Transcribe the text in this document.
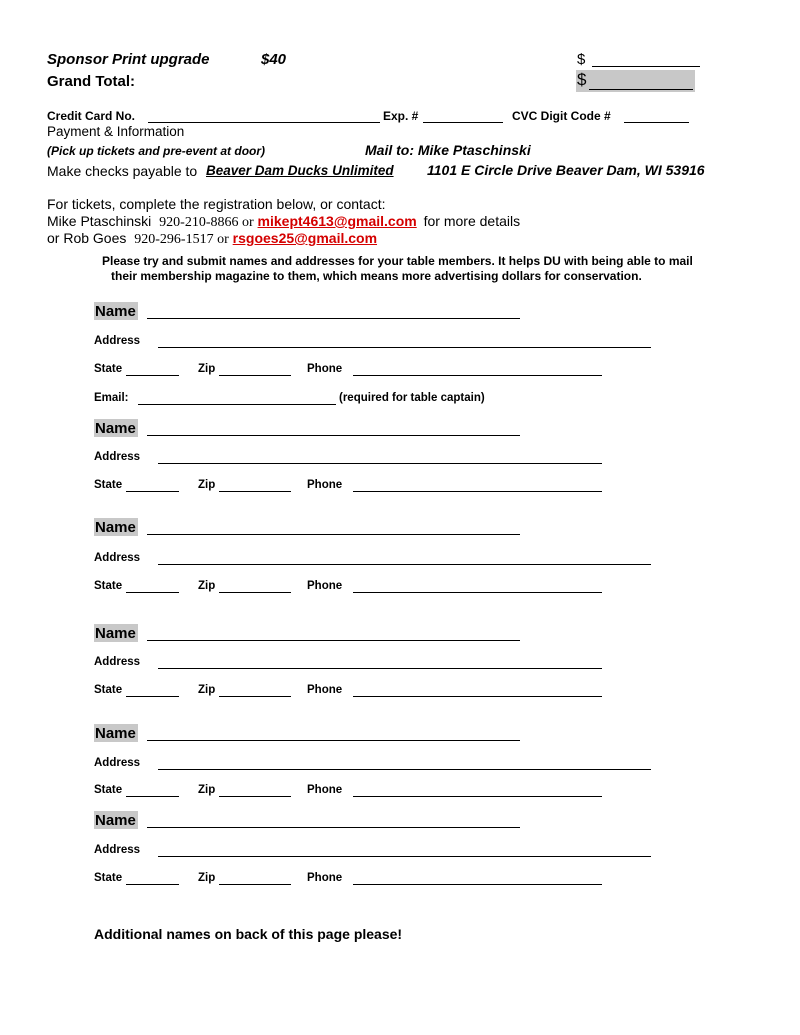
Sponsor Print upgrade	$40	$
Grand Total:	$
Credit Card No.	Exp. #	CVC Digit Code #
Payment & Information
(Pick up tickets and pre-event at door)	Mail to: Mike Ptaschinski
Make checks payable to Beaver Dam Ducks Unlimited 1101 E Circle Drive Beaver Dam, WI 53916
For tickets, complete the registration below, or contact:
Mike Ptaschinski 920-210-8866 or mikept4613@gmail.com for more details
or Rob Goes 920-296-1517 or rsgoes25@gmail.com
Please try and submit names and addresses for your table members. It helps DU with being able to mail
their membership magazine to them, which means more advertising dollars for conservation.
Name
Address
State	Zip	Phone
Email:	(required for table captain)
Name
Address
State	Zip	Phone
Name
Address
State	Zip	Phone
Name
Address
State	Zip	Phone
Name
Address
State	Zip	Phone
Name
Address
State	Zip	Phone
Additional names on back of this page please!
